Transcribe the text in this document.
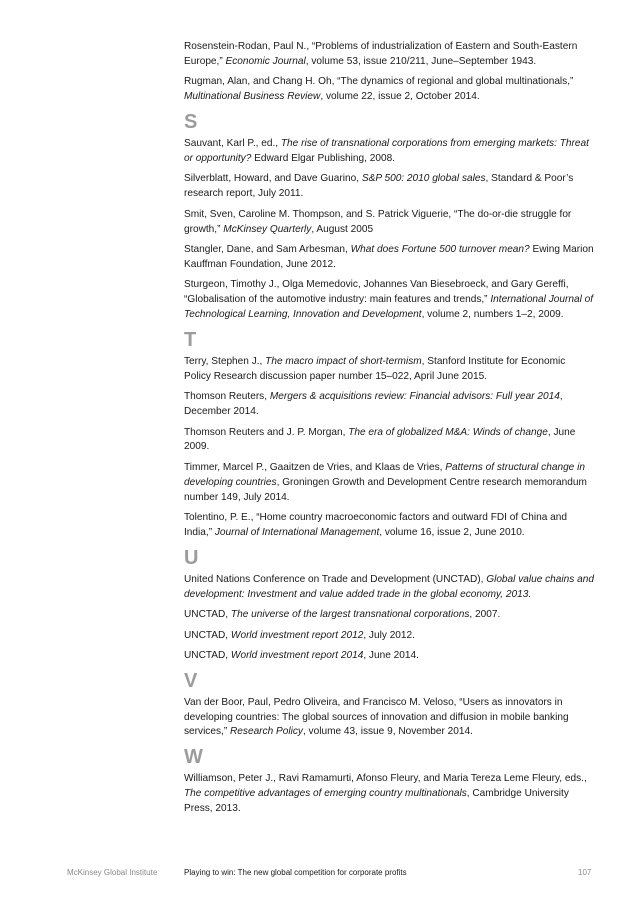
Rosenstein-Rodan, Paul N., “Problems of industrialization of Eastern and South-Eastern Europe,” Economic Journal, volume 53, issue 210/211, June–September 1943.

Rugman, Alan, and Chang H. Oh, “The dynamics of regional and global multinationals,” Multinational Business Review, volume 22, issue 2, October 2014.

S

Sauvant, Karl P., ed., The rise of transnational corporations from emerging markets: Threat or opportunity? Edward Elgar Publishing, 2008.

Silverblatt, Howard, and Dave Guarino, S&P 500: 2010 global sales, Standard & Poor’s research report, July 2011.

Smit, Sven, Caroline M. Thompson, and S. Patrick Viguerie, “The do-or-die struggle for growth,” McKinsey Quarterly, August 2005

Stangler, Dane, and Sam Arbesman, What does Fortune 500 turnover mean? Ewing Marion Kauffman Foundation, June 2012.

Sturgeon, Timothy J., Olga Memedovic, Johannes Van Biesebroeck, and Gary Gereffi, “Globalisation of the automotive industry: main features and trends,” International Journal of Technological Learning, Innovation and Development, volume 2, numbers 1–2, 2009.

T

Terry, Stephen J., The macro impact of short-termism, Stanford Institute for Economic Policy Research discussion paper number 15–022, April June 2015.

Thomson Reuters, Mergers & acquisitions review: Financial advisors: Full year 2014, December 2014.

Thomson Reuters and J. P. Morgan, The era of globalized M&A: Winds of change, June 2009.

Timmer, Marcel P., Gaaitzen de Vries, and Klaas de Vries, Patterns of structural change in developing countries, Groningen Growth and Development Centre research memorandum number 149, July 2014.

Tolentino, P. E., “Home country macroeconomic factors and outward FDI of China and India,” Journal of International Management, volume 16, issue 2, June 2010.

U

United Nations Conference on Trade and Development (UNCTAD), Global value chains and development: Investment and value added trade in the global economy, 2013.

UNCTAD, The universe of the largest transnational corporations, 2007.

UNCTAD, World investment report 2012, July 2012.

UNCTAD, World investment report 2014, June 2014.

V

Van der Boor, Paul, Pedro Oliveira, and Francisco M. Veloso, “Users as innovators in developing countries: The global sources of innovation and diffusion in mobile banking services,” Research Policy, volume 43, issue 9, November 2014.

W

Williamson, Peter J., Ravi Ramamurti, Afonso Fleury, and Maria Tereza Leme Fleury, eds., The competitive advantages of emerging country multinationals, Cambridge University Press, 2013.

McKinsey Global Institute	Playing to win: The new global competition for corporate profits	107
